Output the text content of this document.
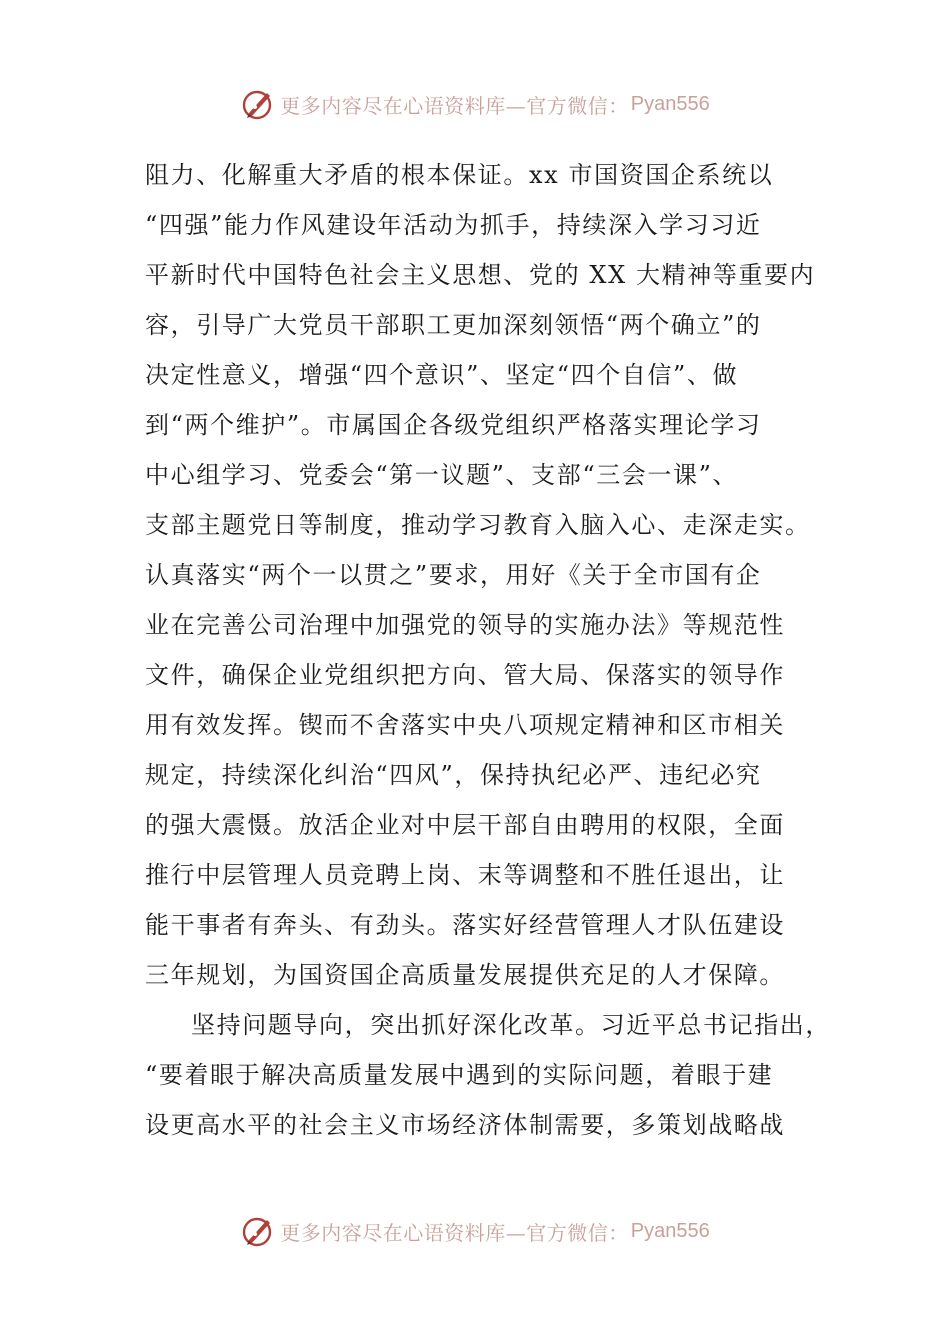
更多内容尽在心语资料库—官方微信： Pyan556
阻力、化解重大矛盾的根本保证。xx 市国资国企系统以
“四强”能力作风建设年活动为抓手，持续深入学习习近
平新时代中国特色社会主义思想、党的 XX 大精神等重要内
容，引导广大党员干部职工更加深刻领悟“两个确立”的
决定性意义，增强“四个意识”、坚定“四个自信”、做
到“两个维护”。市属国企各级党组织严格落实理论学习
中心组学习、党委会“第一议题”、支部“三会一课”、
支部主题党日等制度，推动学习教育入脑入心、走深走实。
认真落实“两个一以贯之”要求，用好《关于全市国有企
业在完善公司治理中加强党的领导的实施办法》等规范性
文件，确保企业党组织把方向、管大局、保落实的领导作
用有效发挥。锲而不舍落实中央八项规定精神和区市相关
规定，持续深化纠治“四风”，保持执纪必严、违纪必究
的强大震慑。放活企业对中层干部自由聘用的权限，全面
推行中层管理人员竞聘上岗、末等调整和不胜任退出，让
能干事者有奔头、有劲头。落实好经营管理人才队伍建设
三年规划，为国资国企高质量发展提供充足的人才保障。
坚持问题导向，突出抓好深化改革。习近平总书记指出，
“要着眼于解决高质量发展中遇到的实际问题，着眼于建
设更高水平的社会主义市场经济体制需要，多策划战略战
更多内容尽在心语资料库—官方微信： Pyan556
